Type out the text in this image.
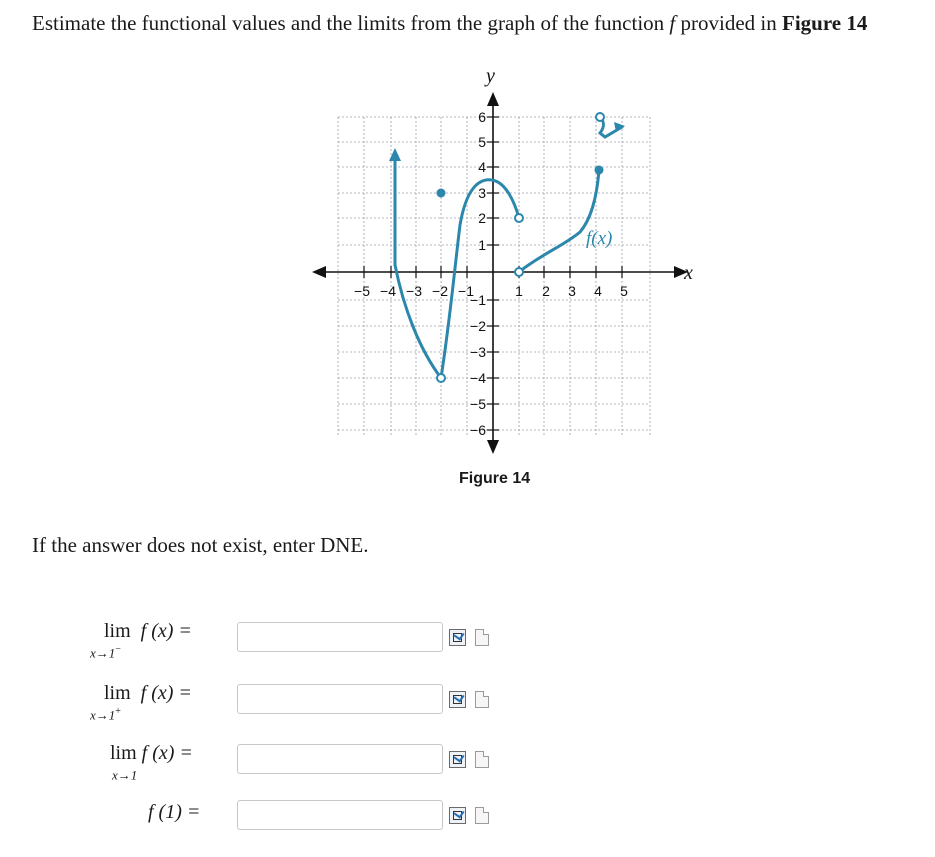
Estimate the functional values and the limits from the graph of the function f provided in Figure 14
x
y
−5 −4 −3 −2 −1	1 2 3 4 5
6
5
4
3
2
1
−1
−2
−3
−4
−5
−6
f(x)
Figure 14
If the answer does not exist, enter DNE.
lim f (x) =
x→1−
lim f (x) =
x→1+
lim f (x) =
x→1
f (1) =
